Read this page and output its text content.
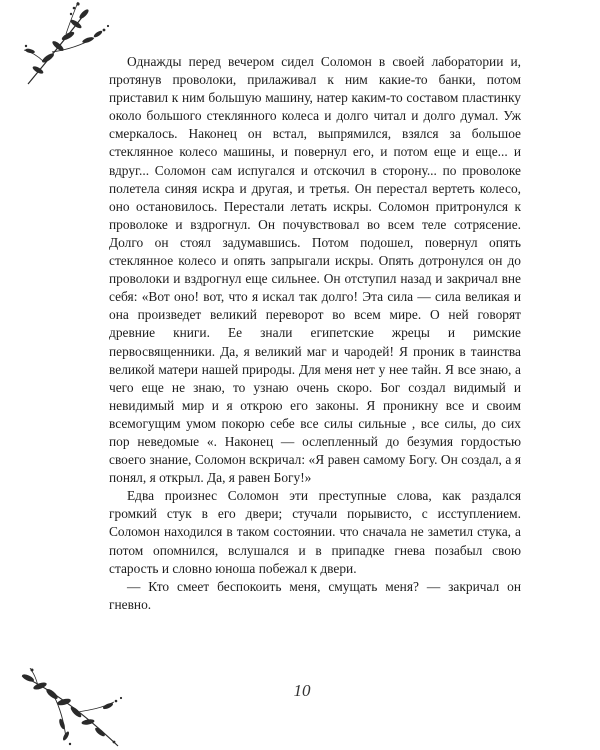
Однажды перед вечером сидел Соломон в своей лаборатории и, протянув проволоки, прилаживал к ним какие-то банки, потом приставил к ним большую машину, натер каким-то составом пластинку около большого стеклянного колеса и долго читал и долго думал. Уж смеркалось. Наконец он встал, выпрямился, взялся за большое стеклянное колесо машины, и повернул его, и потом еще и еще... и вдруг... Соломон сам испугался и отскочил в сторону... по проволоке полетела синяя искра и другая, и третья. Он перестал вертеть колесо, оно остановилось. Перестали летать искры. Соломон притронулся к проволоке и вздрогнул. Он почувствовал во всем теле сотрясение. Долго он стоял задумавшись. Потом подошел, повернул опять стеклянное колесо и опять запрыгали искры. Опять дотронулся он до проволоки и вздрогнул еще сильнее. Он отступил назад и закричал вне себя: «Вот оно! вот, что я искал так долго! Эта сила — сила великая и она произведет великий переворот во всем мире. О ней говорят древние книги. Ее знали египетские жрецы и римские первосвященники. Да, я великий маг и чародей! Я проник в таинства великой матери нашей природы. Для меня нет у нее тайн. Я все знаю, а чего еще не знаю, то узнаю очень скоро. Бог создал видимый и невидимый мир и я открою его законы. Я проникну все и своим всемогущим умом покорю себе все силы сильные , все силы, до сих пор неведомые «. Наконец — ослепленный до безумия гордостью своего знание, Соломон вскричал: «Я равен самому Богу. Он создал, а я понял, я открыл. Да, я равен Богу!»

Едва произнес Соломон эти преступные слова, как раздался громкий стук в его двери; стучали порывисто, с исступлением. Соломон находился в таком состоянии. что сначала не заметил стука, а потом опомнился, вслушался и в припадке гнева позабыл свою старость и словно юноша побежал к двери.

— Кто смеет беспокоить меня, смущать меня? — закричал он гневно.

10
